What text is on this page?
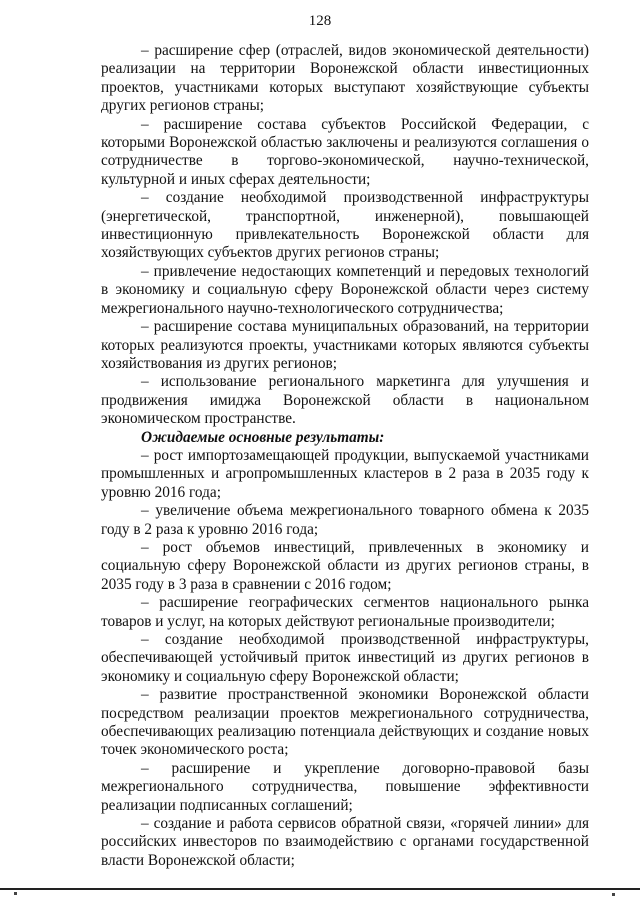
128

– расширение сфер (отраслей, видов экономической деятельности) реализации на территории Воронежской области инвестиционных проектов, участниками которых выступают хозяйствующие субъекты других регионов страны;

– расширение состава субъектов Российской Федерации, с которыми Воронежской областью заключены и реализуются соглашения о сотрудничестве в торгово-экономической, научно-технической, культурной и иных сферах деятельности;

– создание необходимой производственной инфраструктуры (энергетической, транспортной, инженерной), повышающей инвестиционную привлекательность Воронежской области для хозяйствующих субъектов других регионов страны;

– привлечение недостающих компетенций и передовых технологий в экономику и социальную сферу Воронежской области через систему межрегионального научно-технологического сотрудничества;

– расширение состава муниципальных образований, на территории которых реализуются проекты, участниками которых являются субъекты хозяйствования из других регионов;

– использование регионального маркетинга для улучшения и продвижения имиджа Воронежской области в национальном экономическом пространстве.

Ожидаемые основные результаты:

– рост импортозамещающей продукции, выпускаемой участниками промышленных и агропромышленных кластеров в 2 раза в 2035 году к уровню 2016 года;

– увеличение объема межрегионального товарного обмена к 2035 году в 2 раза к уровню 2016 года;

– рост объемов инвестиций, привлеченных в экономику и социальную сферу Воронежской области из других регионов страны, в 2035 году в 3 раза в сравнении с 2016 годом;

– расширение географических сегментов национального рынка товаров и услуг, на которых действуют региональные производители;

– создание необходимой производственной инфраструктуры, обеспечивающей устойчивый приток инвестиций из других регионов в экономику и социальную сферу Воронежской области;

– развитие пространственной экономики Воронежской области посредством реализации проектов межрегионального сотрудничества, обеспечивающих реализацию потенциала действующих и создание новых точек экономического роста;

– расширение и укрепление договорно-правовой базы межрегионального сотрудничества, повышение эффективности реализации подписанных соглашений;

– создание и работа сервисов обратной связи, «горячей линии» для российских инвесторов по взаимодействию с органами государственной власти Воронежской области;
